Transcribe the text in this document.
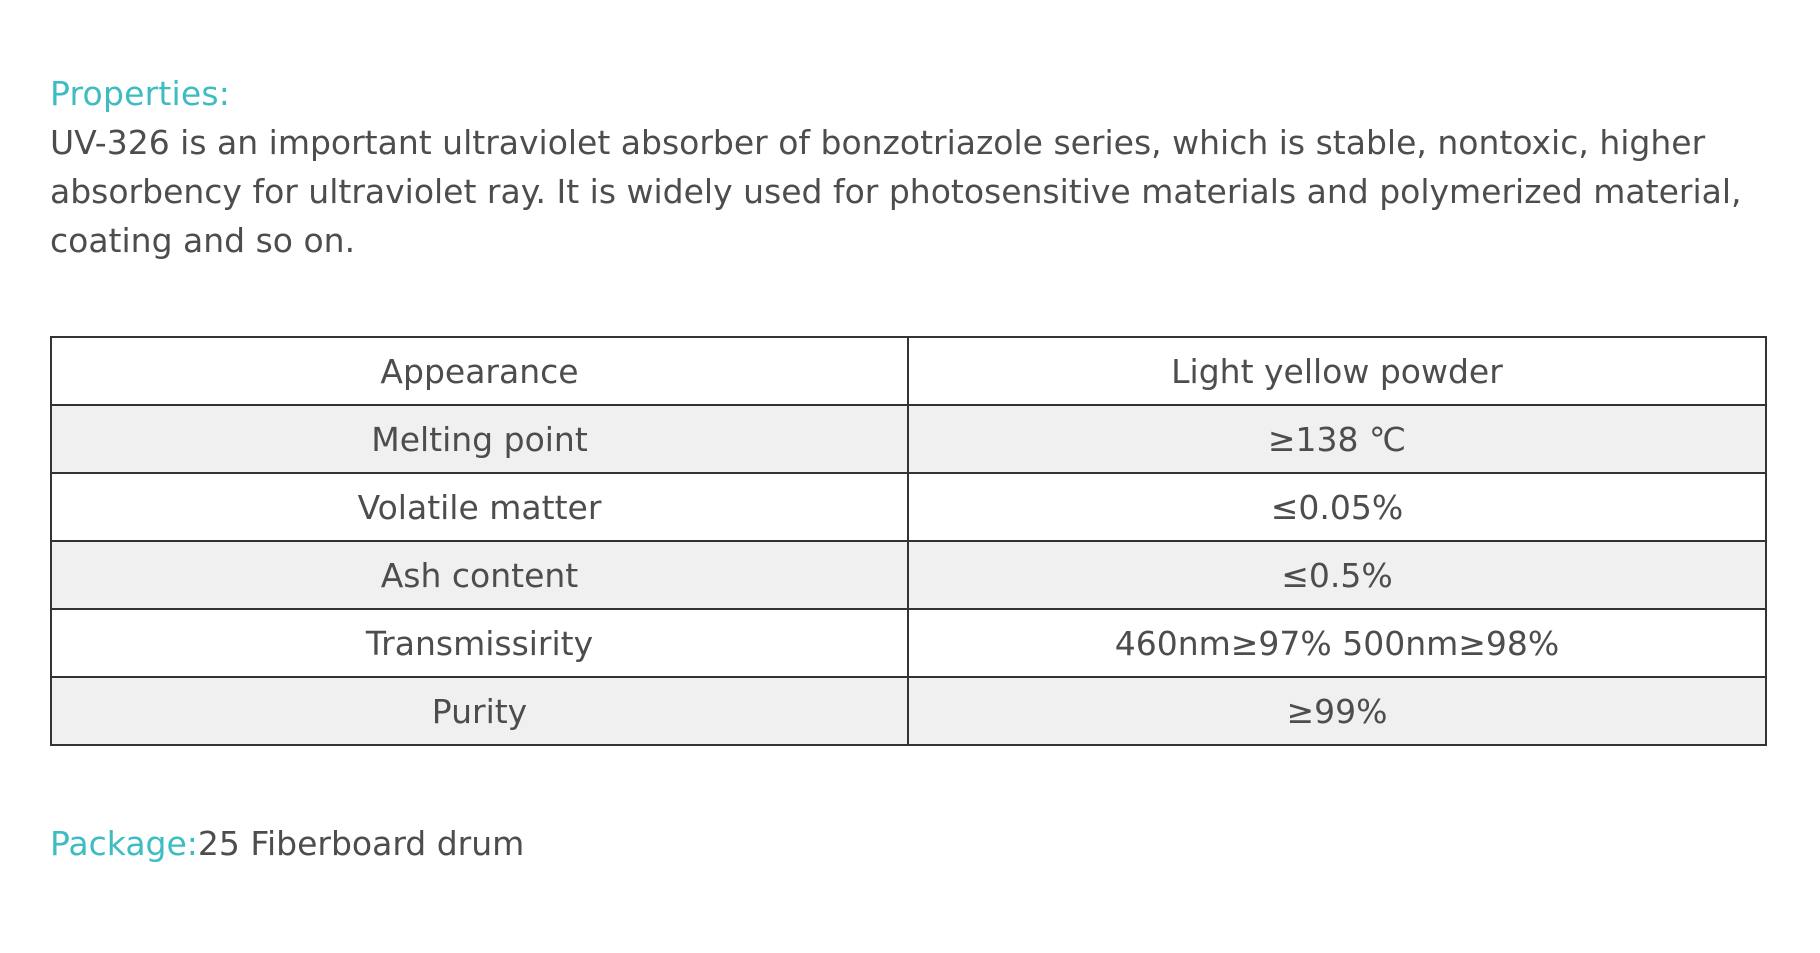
Properties:
UV-326 is an important ultraviolet absorber of bonzotriazole series, which is stable, nontoxic, higher absorbency for ultraviolet ray. It is widely used for photosensitive materials and polymerized material, coating and so on.
Appearance	Light yellow powder
Melting point	≥138 ℃
Volatile matter	≤0.05%
Ash content	≤0.5%
Transmissirity	460nm≥97% 500nm≥98%
Purity	≥99%
Package:25 Fiberboard drum
